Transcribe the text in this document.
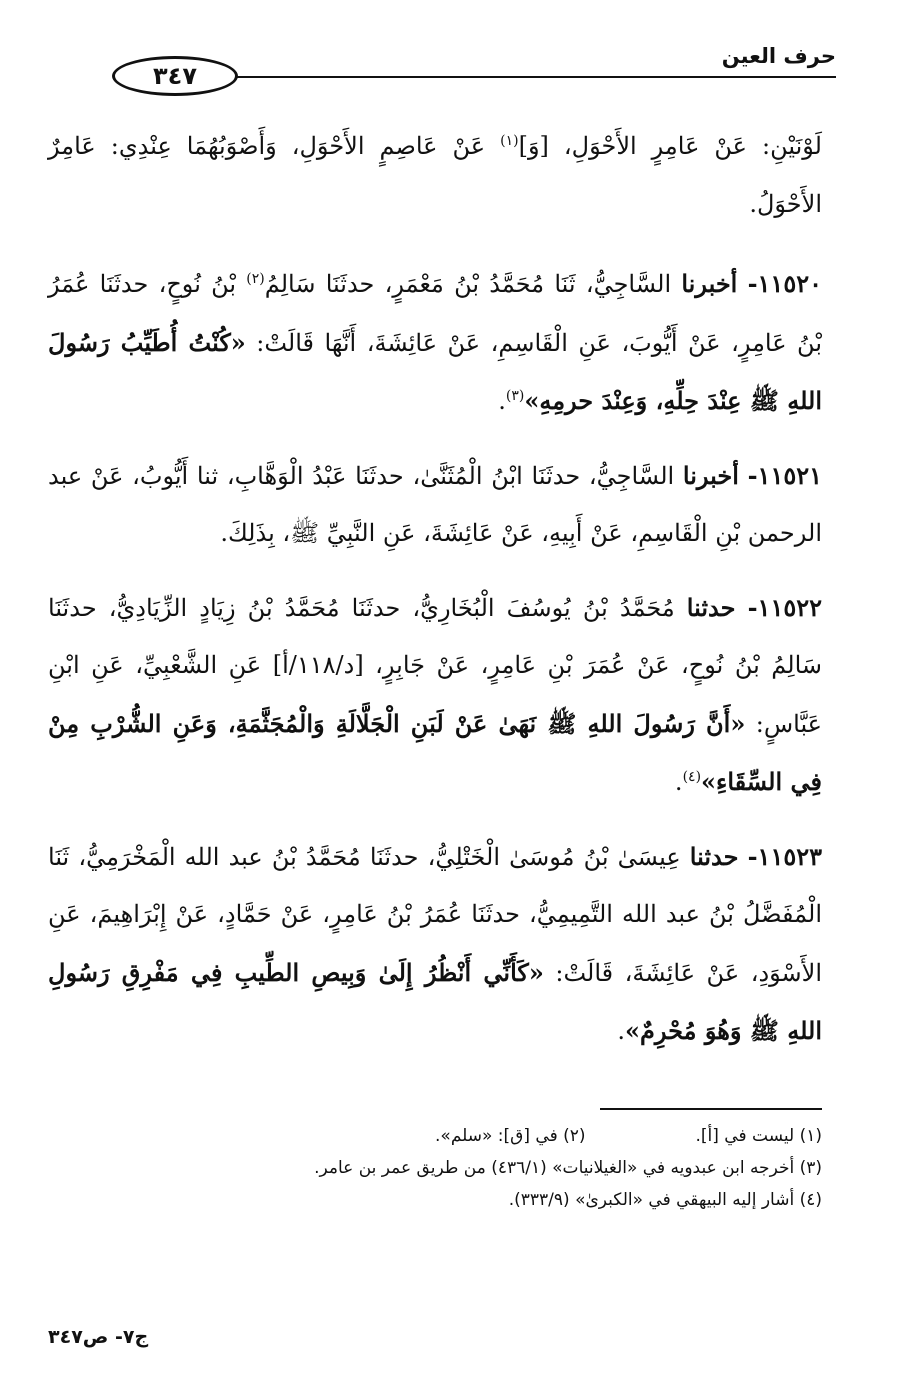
٣٤٧
حرف العين

لَوْنَيْنِ: عَنْ عَامِرٍ الأَحْوَلِ، [وَ]$^{(١)}$ عَنْ عَاصِمٍ الأَحْوَلِ، وَأَصْوَبُهُمَا عِنْدِي: عَامِرٌ الأَحْوَلُ.

١١٥٢٠- أخبرنا السَّاجِيُّ، ثَنَا مُحَمَّدُ بْنُ مَعْمَرٍ، حدثَنَا سَالِمُ$^{(٢)}$ بْنُ نُوحٍ، حدثَنَا عُمَرُ بْنُ عَامِرٍ، عَنْ أَيُّوبَ، عَنِ الْقَاسِمِ، عَنْ عَائِشَةَ، أَنَّهَا قَالَتْ: «كُنْتُ أُطَيِّبُ رَسُولَ اللهِ ﷺ عِنْدَ حِلِّهِ، وَعِنْدَ حرمِهِ»$^{(٣)}$.

١١٥٢١- أخبرنا السَّاجِيُّ، حدثَنَا ابْنُ الْمُثَنَّىٰ، حدثَنَا عَبْدُ الْوَهَّابِ، ثنا أَيُّوبُ، عَنْ عبد الرحمن بْنِ الْقَاسِمِ، عَنْ أَبِيهِ، عَنْ عَائِشَةَ، عَنِ النَّبِيِّ ﷺ، بِذَلِكَ.

١١٥٢٢- حدثنا مُحَمَّدُ بْنُ يُوسُفَ الْبُخَارِيُّ، حدثَنَا مُحَمَّدُ بْنُ زِيَادٍ الزِّيَادِيُّ، حدثَنَا سَالِمُ بْنُ نُوحٍ، عَنْ عُمَرَ بْنِ عَامِرٍ، عَنْ جَابِرٍ، [د/١١٨/أ] عَنِ الشَّعْبِيِّ، عَنِ ابْنِ عَبَّاسٍ: «أَنَّ رَسُولَ اللهِ ﷺ نَهَىٰ عَنْ لَبَنِ الْجَلَّالَةِ وَالْمُجَثَّمَةِ، وَعَنِ الشُّرْبِ مِنْ فِي السِّقَاءِ»$^{(٤)}$.

١١٥٢٣- حدثنا عِيسَىٰ بْنُ مُوسَىٰ الْخَتْلِيُّ، حدثَنَا مُحَمَّدُ بْنُ عبد الله الْمَخْرَمِيُّ، ثَنَا الْمُفَضَّلُ بْنُ عبد الله التَّمِيمِيُّ، حدثَنَا عُمَرُ بْنُ عَامِرٍ، عَنْ حَمَّادٍ، عَنْ إِبْرَاهِيمَ، عَنِ الأَسْوَدِ، عَنْ عَائِشَةَ، قَالَتْ: «كَأَنِّي أَنْظُرُ إِلَىٰ وَبِيصِ الطِّيبِ فِي مَفْرِقِ رَسُولِ اللهِ ﷺ وَهُوَ مُحْرِمٌ».

(١) ليست في [أ].
(٢) في [ق]: «سلم».
(٣) أخرجه ابن عبدويه في «الغيلانيات» (٤٣٦/١) من طريق عمر بن عامر.
(٤) أشار إليه البيهقي في «الكبرىٰ» (٣٣٣/٩).
ج٧- ص٣٤٧
